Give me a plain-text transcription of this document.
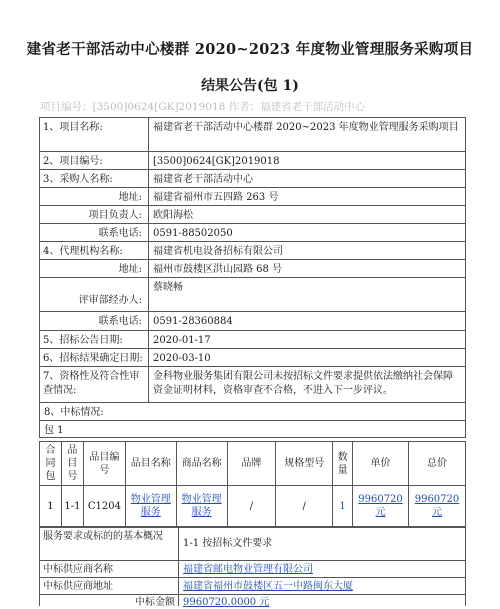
建省老干部活动中心楼群 2020~2023 年度物业管理服务采购项目
结果公告(包 1)
项目编号：[3500]0624[GK]2019018 作者：福建省老干部活动中心
1、项目名称:	福建省老干部活动中心楼群 2020~2023 年度物业管理服务采购项目
2、项目编号:	[3500]0624[GK]2019018
3、采购人名称:	福建省老干部活动中心
地址:	福建省福州市五四路 263 号
项目负责人:	欧阳海松
联系电话:	0591-88502050
4、代理机构名称:	福建省机电设备招标有限公司
地址:	福州市鼓楼区洪山园路 68 号
评审部经办人:
蔡晓畅
联系电话:	0591-28360884
5、招标公告日期:	2020-01-17
6、招标结果确定日期:	2020-03-10
7、资格性及符合性审查情况:
金科物业服务集团有限公司未按招标文件要求提供依法缴纳社会保障资金证明材料，资格审查不合格，不进入下一步评议。
8、中标情况:
包 1
合同包	品目号	品目编号	品目名称	商品名称	品牌	规格型号	数量	单价	总价
1	1-1	C1204	物业管理服务	物业管理服务	/	/	1	9960720元	9960720元
服务要求或标的的基本概况
1-1 按招标文件要求
中标供应商名称	福建省邮电物业管理有限公司
中标供应商地址	福建省福州市鼓楼区五一中路闽东大厦
中标金额 9960720.0000 元
